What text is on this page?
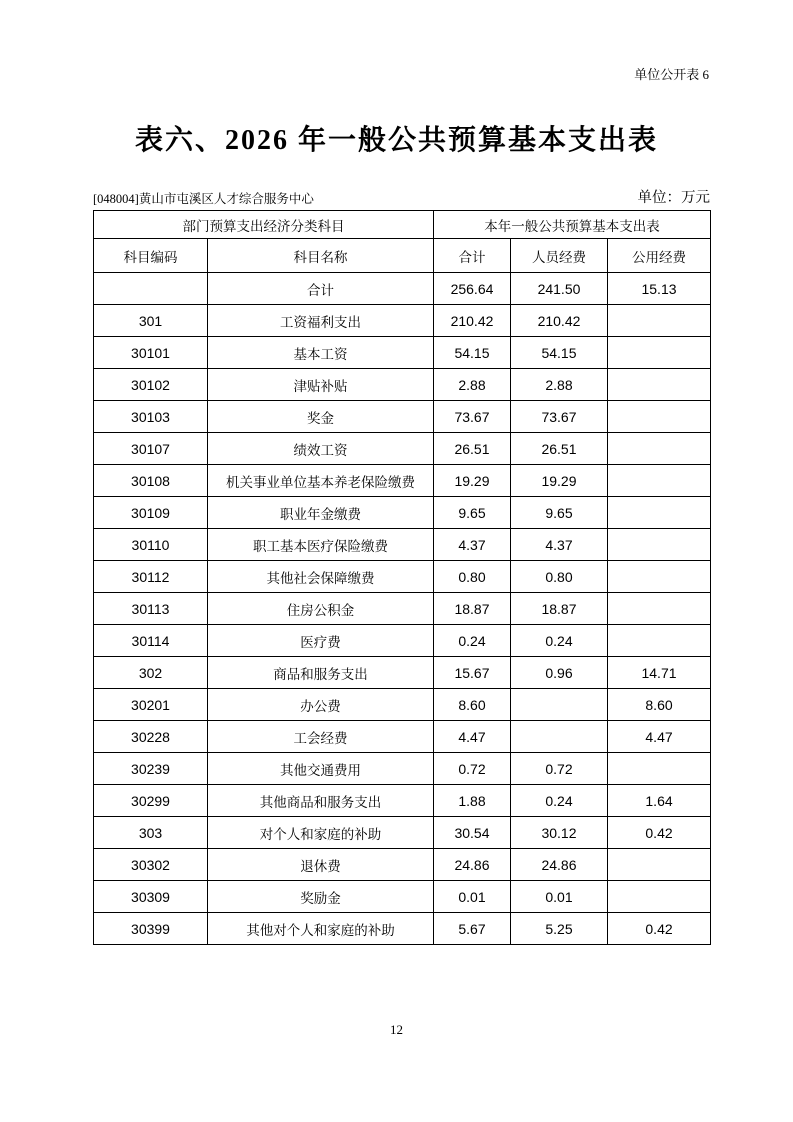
单位公开表 6
表六、2026 年一般公共预算基本支出表
[048004]黄山市屯溪区人才综合服务中心	单位：万元
部门预算支出经济分类科目		本年一般公共预算基本支出表		
科目编码	科目名称	合计	人员经费	公用经费
	合计	256.64	241.50	15.13
301	工资福利支出	210.42	210.42	
30101	基本工资	54.15	54.15	
30102	津贴补贴	2.88	2.88	
30103	奖金	73.67	73.67	
30107	绩效工资	26.51	26.51	
30108	机关事业单位基本养老保险缴费	19.29	19.29	
30109	职业年金缴费	9.65	9.65	
30110	职工基本医疗保险缴费	4.37	4.37	
30112	其他社会保障缴费	0.80	0.80	
30113	住房公积金	18.87	18.87	
30114	医疗费	0.24	0.24	
302	商品和服务支出	15.67	0.96	14.71
30201	办公费	8.60		8.60
30228	工会经费	4.47		4.47
30239	其他交通费用	0.72	0.72	
30299	其他商品和服务支出	1.88	0.24	1.64
303	对个人和家庭的补助	30.54	30.12	0.42
30302	退休费	24.86	24.86	
30309	奖励金	0.01	0.01	
30399	其他对个人和家庭的补助	5.67	5.25	0.42
12
